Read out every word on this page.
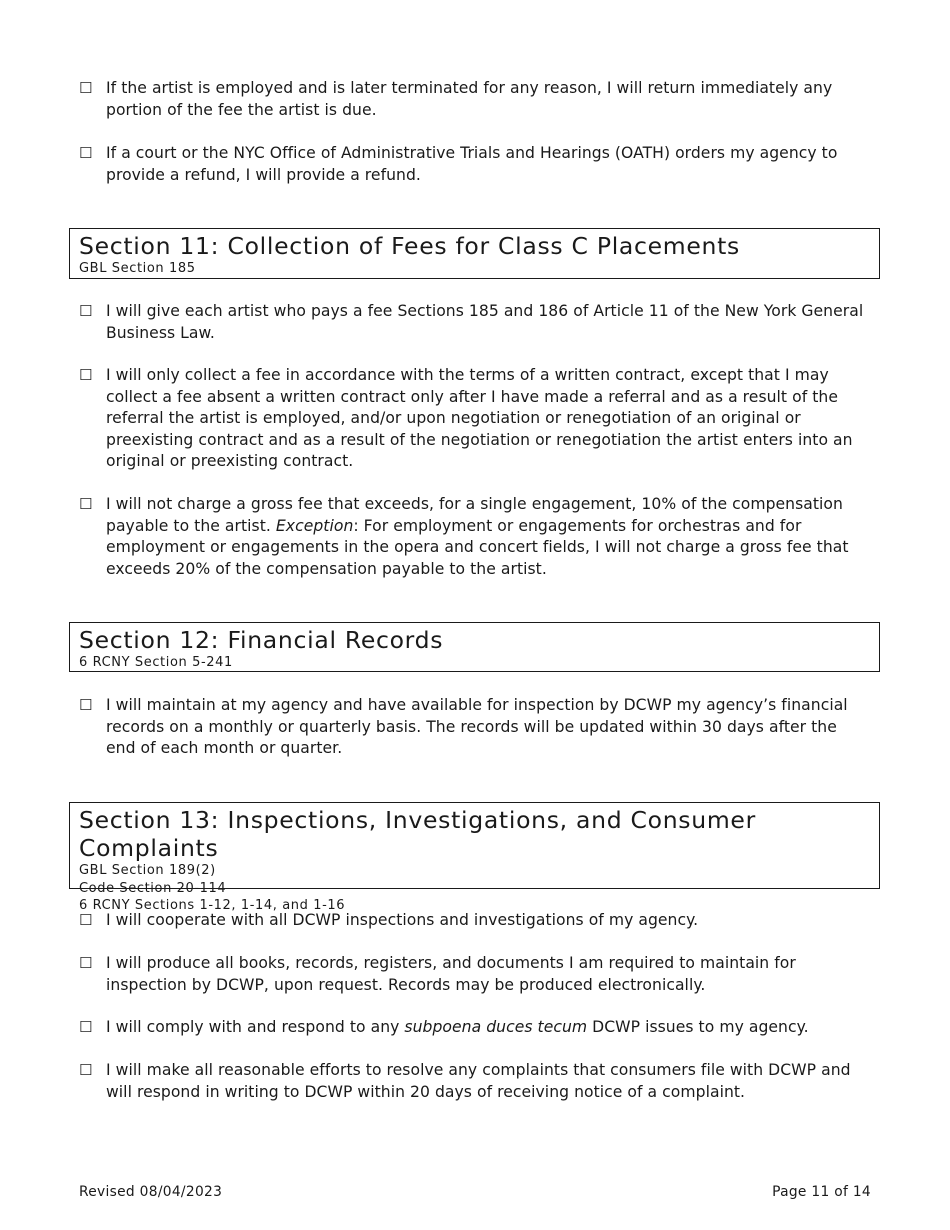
☐ If the artist is employed and is later terminated for any reason, I will return immediately any portion of the fee the artist is due.
☐ If a court or the NYC Office of Administrative Trials and Hearings (OATH) orders my agency to provide a refund, I will provide a refund.
Section 11: Collection of Fees for Class C Placements
GBL Section 185
☐ I will give each artist who pays a fee Sections 185 and 186 of Article 11 of the New York General Business Law.
☐ I will only collect a fee in accordance with the terms of a written contract, except that I may collect a fee absent a written contract only after I have made a referral and as a result of the referral the artist is employed, and/or upon negotiation or renegotiation of an original or preexisting contract and as a result of the negotiation or renegotiation the artist enters into an original or preexisting contract.
☐ I will not charge a gross fee that exceeds, for a single engagement, 10% of the compensation payable to the artist. Exception: For employment or engagements for orchestras and for employment or engagements in the opera and concert fields, I will not charge a gross fee that exceeds 20% of the compensation payable to the artist.
Section 12: Financial Records
6 RCNY Section 5-241
☐ I will maintain at my agency and have available for inspection by DCWP my agency’s financial records on a monthly or quarterly basis. The records will be updated within 30 days after the end of each month or quarter.
Section 13: Inspections, Investigations, and Consumer Complaints
GBL Section 189(2)
Code Section 20-114
6 RCNY Sections 1-12, 1-14, and 1-16
☐ I will cooperate with all DCWP inspections and investigations of my agency.
☐ I will produce all books, records, registers, and documents I am required to maintain for inspection by DCWP, upon request. Records may be produced electronically.
☐ I will comply with and respond to any subpoena duces tecum DCWP issues to my agency.
☐ I will make all reasonable efforts to resolve any complaints that consumers file with DCWP and will respond in writing to DCWP within 20 days of receiving notice of a complaint.
Revised 08/04/2023	Page 11 of 14
